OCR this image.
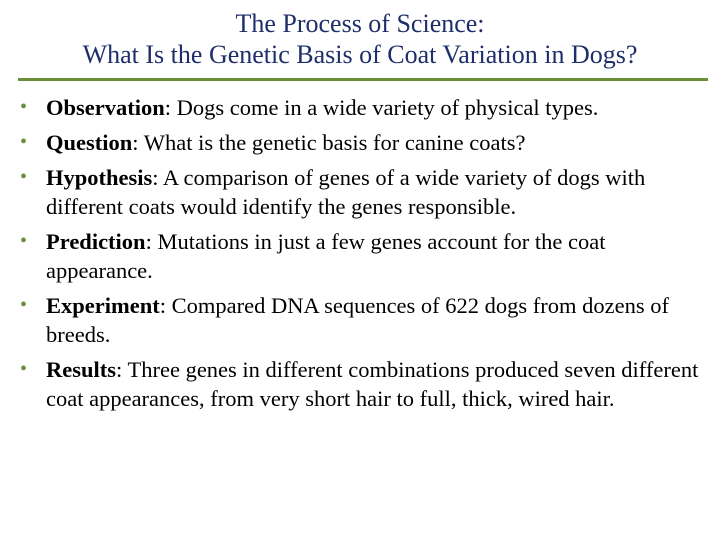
The Process of Science:
What Is the Genetic Basis of Coat Variation in Dogs?
• Observation: Dogs come in a wide variety of physical types.
• Question: What is the genetic basis for canine coats?
• Hypothesis: A comparison of genes of a wide variety of dogs with different coats would identify the genes responsible.
• Prediction: Mutations in just a few genes account for the coat appearance.
• Experiment: Compared DNA sequences of 622 dogs from dozens of breeds.
• Results: Three genes in different combinations produced seven different coat appearances, from very short hair to full, thick, wired hair.
